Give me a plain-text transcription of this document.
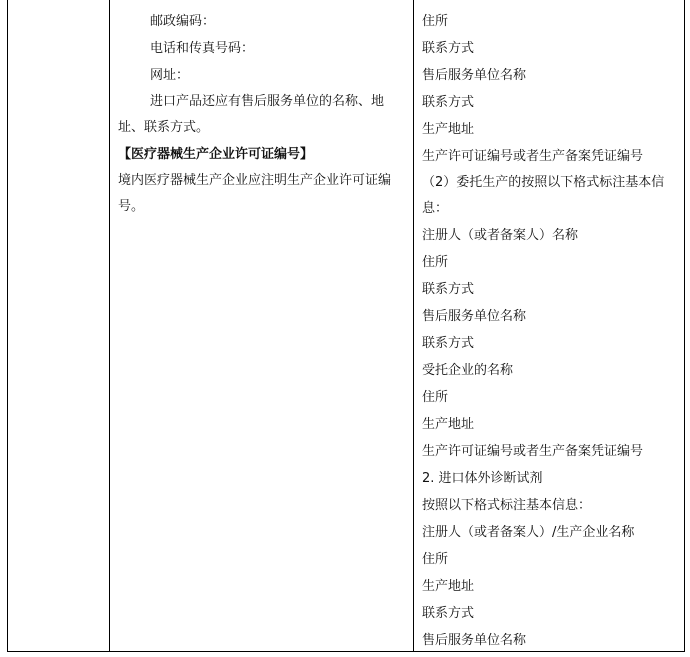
邮政编码：
电话和传真号码：
网址：

进口产品还应有售后服务单位的名称、地址、联系方式。

【医疗器械生产企业许可证编号】

境内医疗器械生产企业应注明生产企业许可证编号。

住所
联系方式
售后服务单位名称
联系方式
生产地址
生产许可证编号或者生产备案凭证编号

（2）委托生产的按照以下格式标注基本信息：

注册人（或者备案人）名称
住所
联系方式
售后服务单位名称
联系方式
受托企业的名称
住所
生产地址
生产许可证编号或者生产备案凭证编号
2. 进口体外诊断试剂
按照以下格式标注基本信息：
注册人（或者备案人）/生产企业名称
住所
生产地址
联系方式
售后服务单位名称
